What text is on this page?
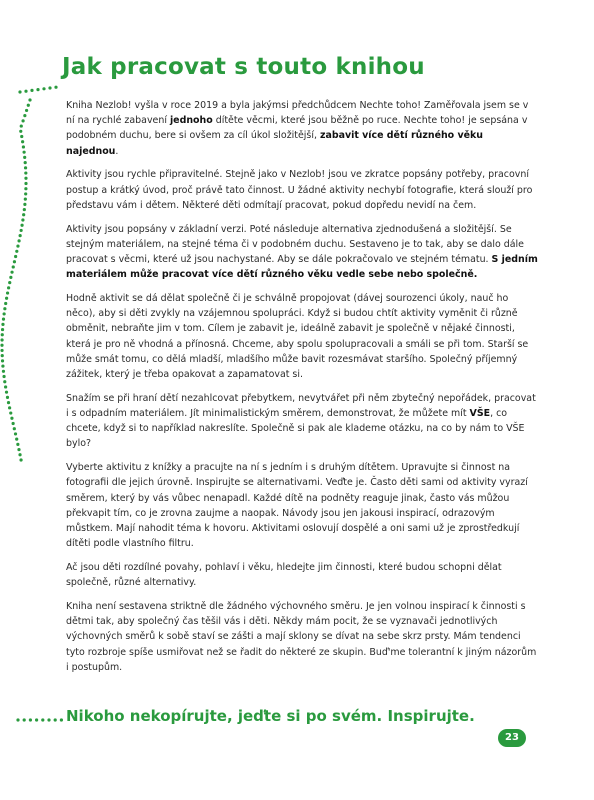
Jak pracovat s touto knihou

Kniha Nezlob! vyšla v roce 2019 a byla jakýmsi předchůdcem Nechte toho! Zaměřovala jsem se v ní na rychlé zabavení jednoho dítěte věcmi, které jsou běžně po ruce. Nechte toho! je sepsána v podobném duchu, bere si ovšem za cíl úkol složitější, zabavit více dětí různého věku najednou.

Aktivity jsou rychle připravitelné. Stejně jako v Nezlob! jsou ve zkratce popsány potřeby, pracovní postup a krátký úvod, proč právě tato činnost. U žádné aktivity nechybí fotografie, která slouží pro představu vám i dětem. Některé děti odmítají pracovat, pokud dopředu nevidí na čem.

Aktivity jsou popsány v základní verzi. Poté následuje alternativa zjednodušená a složitější. Se stejným materiálem, na stejné téma či v podobném duchu. Sestaveno je to tak, aby se dalo dále pracovat s věcmi, které už jsou nachystané. Aby se dále pokračovalo ve stejném tématu. S jedním materiálem může pracovat více dětí různého věku vedle sebe nebo společně.

Hodně aktivit se dá dělat společně či je schválně propojovat (dávej sourozenci úkoly, nauč ho něco), aby si děti zvykly na vzájemnou spolupráci. Když si budou chtít aktivity vyměnit či různě obměnit, nebraňte jim v tom. Cílem je zabavit je, ideálně zabavit je společně v nějaké činnosti, která je pro ně vhodná a přínosná. Chceme, aby spolu spolupracovali a smáli se při tom. Starší se může smát tomu, co dělá mladší, mladšího může bavit rozesmávat staršího. Společný příjemný zážitek, který je třeba opakovat a zapamatovat si.

Snažím se při hraní dětí nezahlcovat přebytkem, nevytvářet při něm zbytečný nepořádek, pracovat i s odpadním materiálem. Jít minimalistickým směrem, demonstrovat, že můžete mít VŠE, co chcete, když si to například nakreslíte. Společně si pak ale klademe otázku, na co by nám to VŠE bylo?

Vyberte aktivitu z knížky a pracujte na ní s jedním i s druhým dítětem. Upravujte si činnost na fotografii dle jejich úrovně. Inspirujte se alternativami. Veďte je. Často děti sami od aktivity vyrazí směrem, který by vás vůbec nenapadl. Každé dítě na podněty reaguje jinak, často vás můžou překvapit tím, co je zrovna zaujme a naopak. Návody jsou jen jakousi inspirací, odrazovým můstkem. Mají nahodit téma k hovoru. Aktivitami oslovují dospělé a oni sami už je zprostředkují dítěti podle vlastního filtru.

Ač jsou děti rozdílné povahy, pohlaví i věku, hledejte jim činnosti, které budou schopni dělat společně, různé alternativy.

Kniha není sestavena striktně dle žádného výchovného směru. Je jen volnou inspirací k činnosti s dětmi tak, aby společný čas těšil vás i děti. Někdy mám pocit, že se vyznavači jednotlivých výchovných směrů k sobě staví se zášti a mají sklony se dívat na sebe skrz prsty. Mám tendenci tyto rozbroje spíše usmiřovat než se řadit do některé ze skupin. Buď'me tolerantní k jiným názorům i postupům.

Nikoho nekopírujte, jeďte si po svém. Inspirujte.

23
